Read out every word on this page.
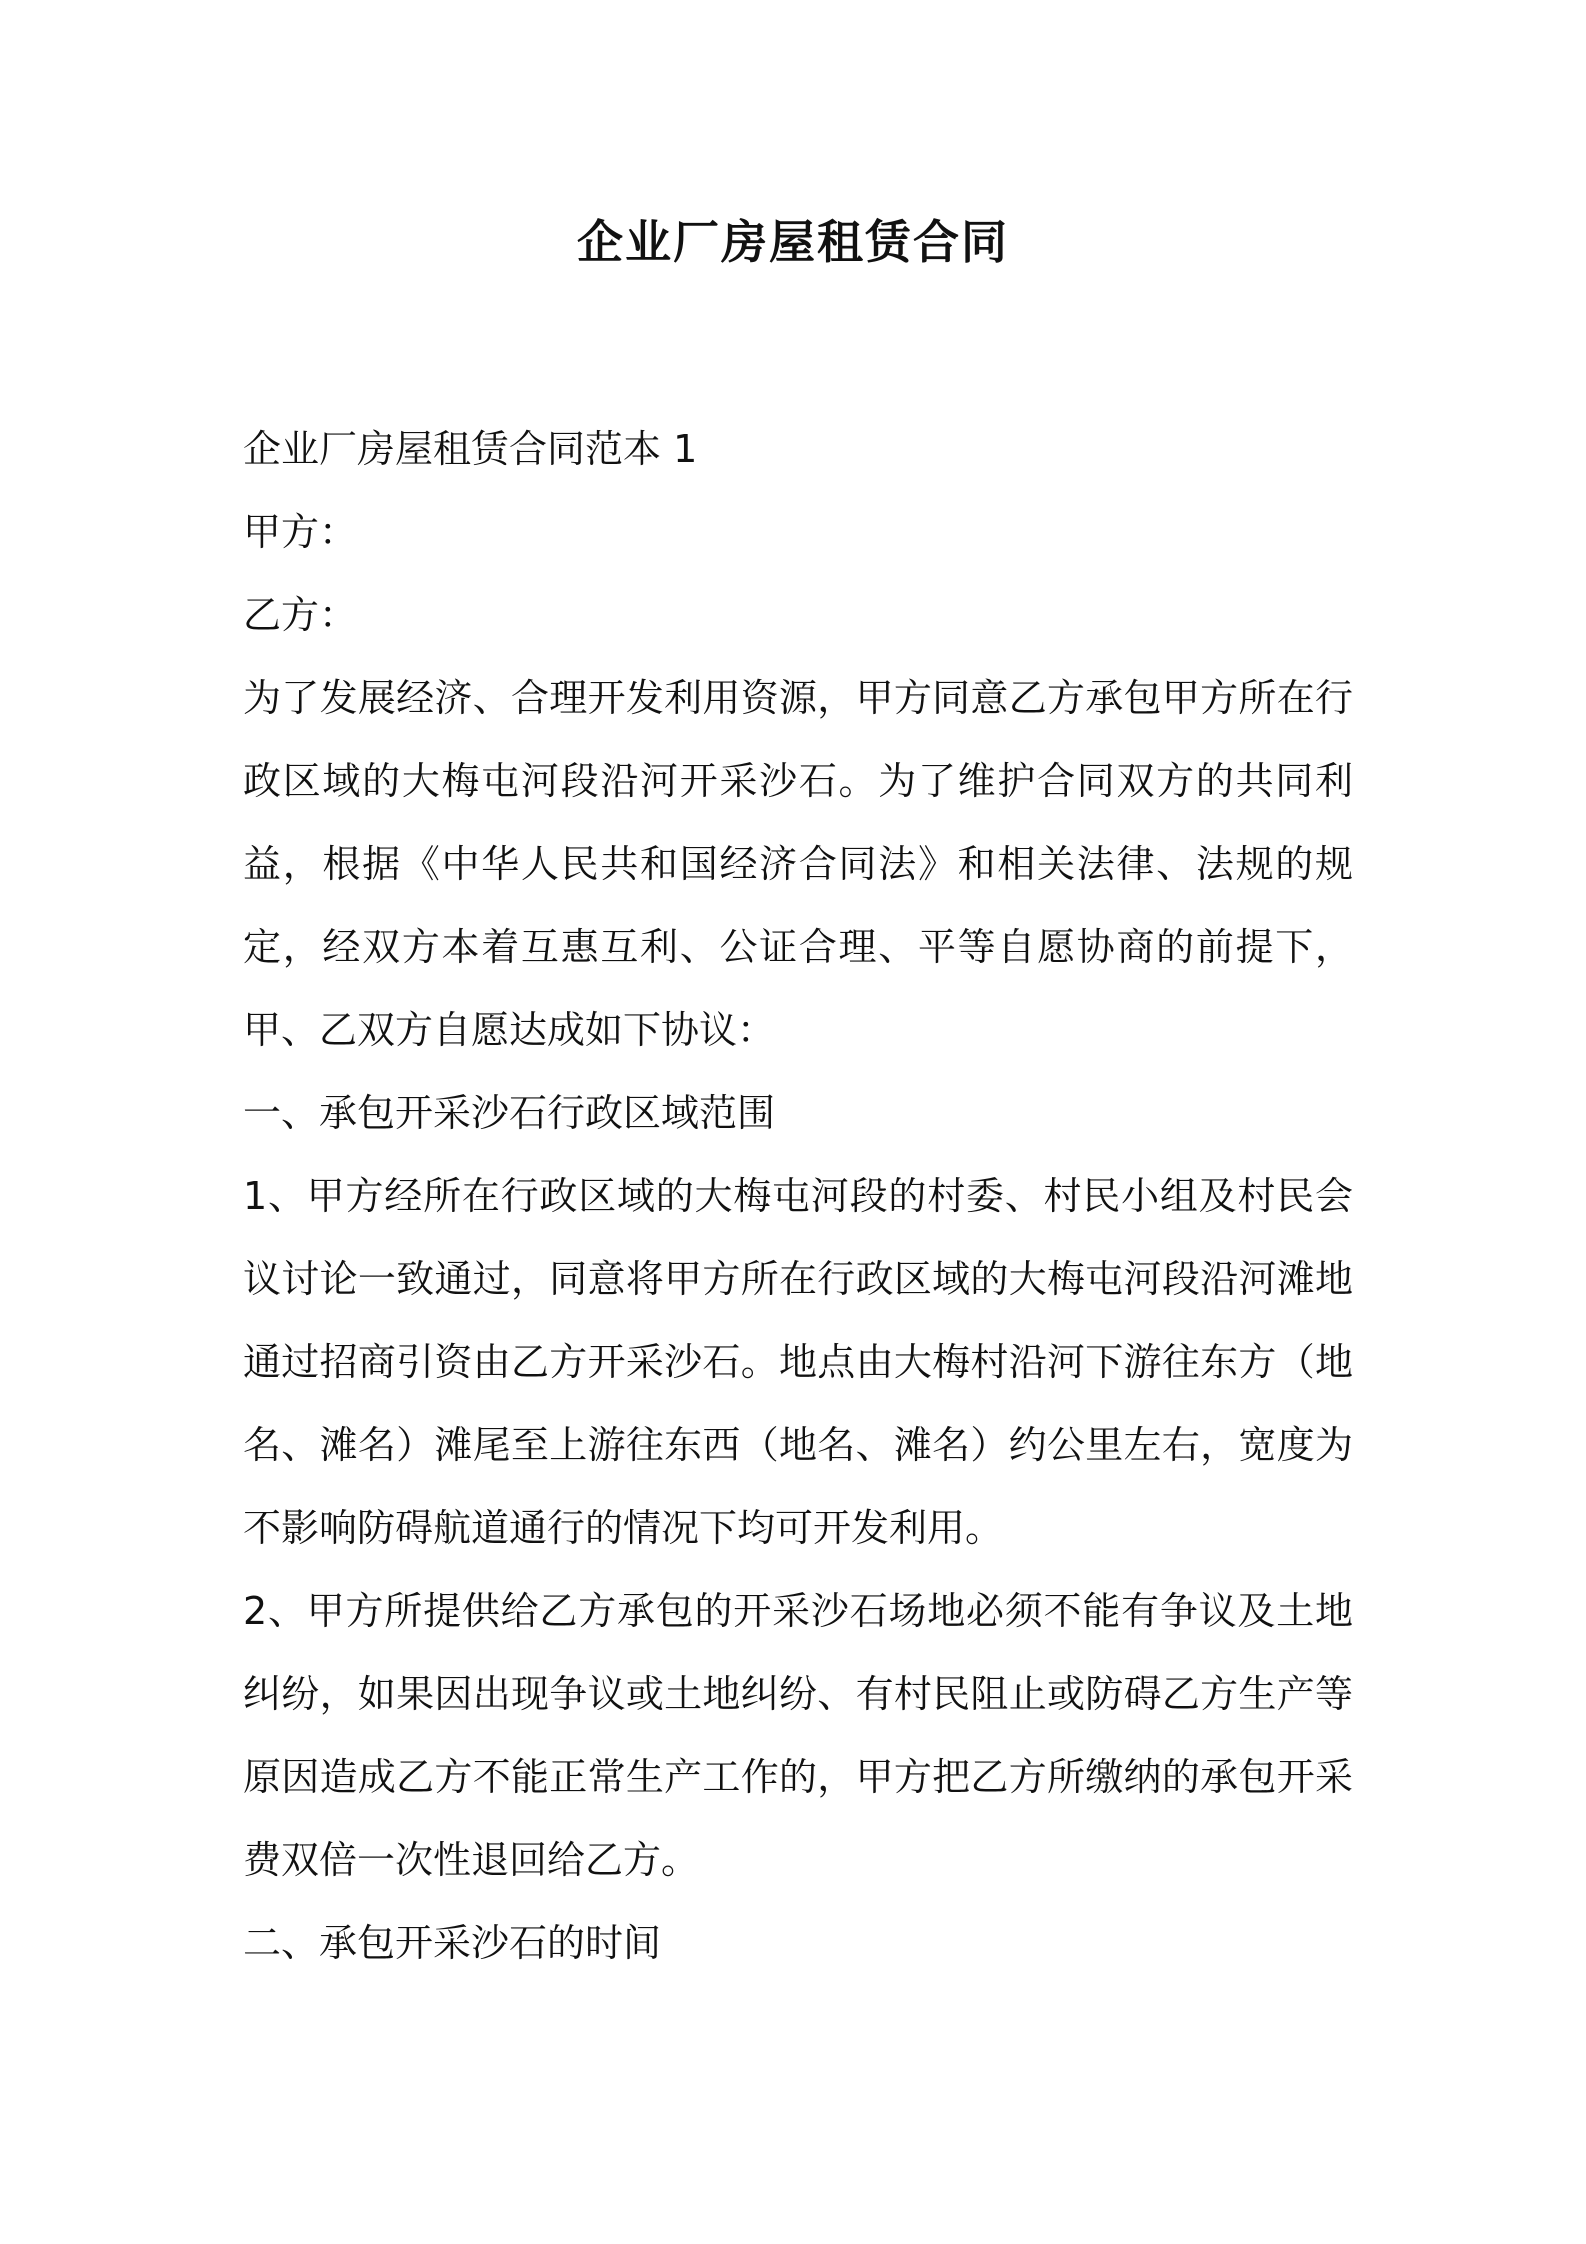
企业厂房屋租赁合同

企业厂房屋租赁合同范本 1

甲方：

乙方：

为了发展经济、合理开发利用资源，甲方同意乙方承包甲方所在行政区域的大梅屯河段沿河开采沙石。为了维护合同双方的共同利益，根据《中华人民共和国经济合同法》和相关法律、法规的规定，经双方本着互惠互利、公证合理、平等自愿协商的前提下，甲、乙双方自愿达成如下协议：

一、承包开采沙石行政区域范围

1、甲方经所在行政区域的大梅屯河段的村委、村民小组及村民会议讨论一致通过，同意将甲方所在行政区域的大梅屯河段沿河滩地通过招商引资由乙方开采沙石。地点由大梅村沿河下游往东方（地名、滩名）滩尾至上游往东西（地名、滩名）约公里左右，宽度为不影响防碍航道通行的情况下均可开发利用。

2、甲方所提供给乙方承包的开采沙石场地必须不能有争议及土地纠纷，如果因出现争议或土地纠纷、有村民阻止或防碍乙方生产等原因造成乙方不能正常生产工作的，甲方把乙方所缴纳的承包开采费双倍一次性退回给乙方。

二、承包开采沙石的时间
